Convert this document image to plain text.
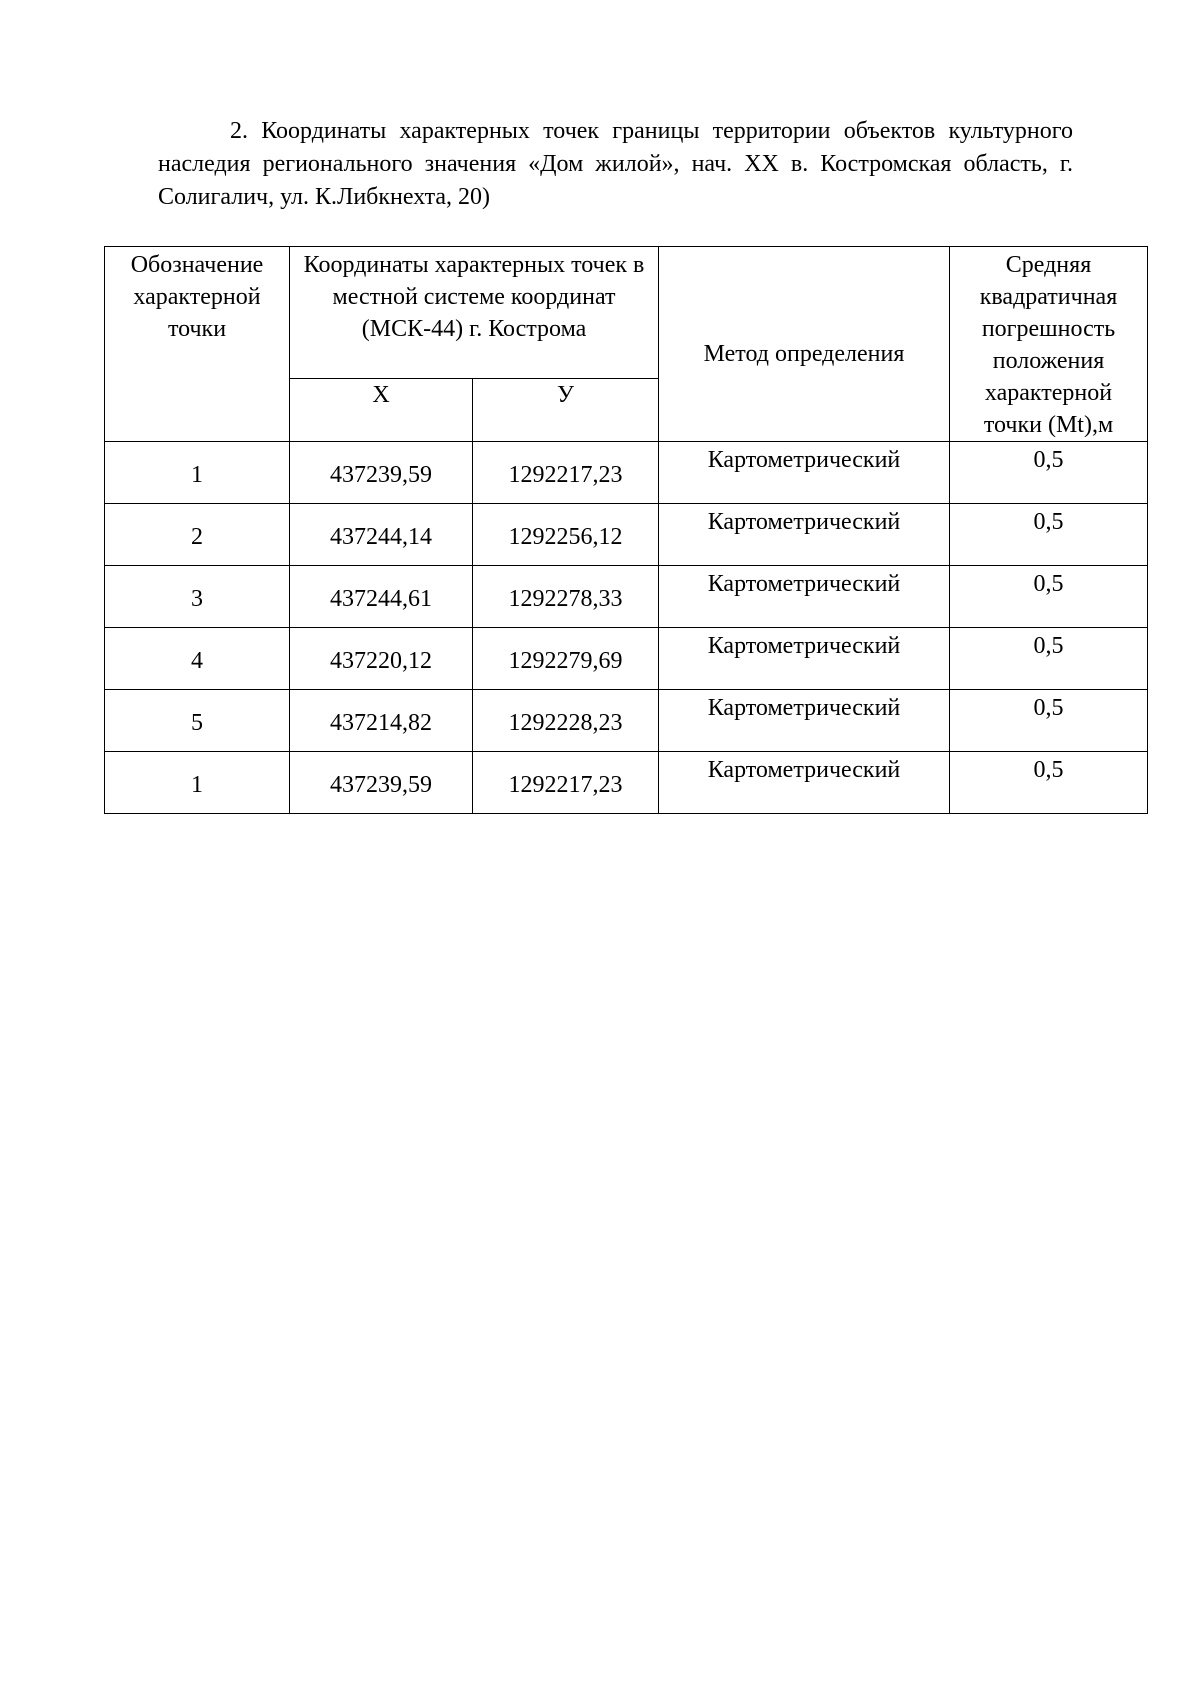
2. Координаты характерных точек границы территории объектов культурного наследия регионального значения «Дом жилой», нач. XX в. Костромская область, г. Солигалич, ул. К.Либкнехта, 20)

Обозначение характерной точки	Координаты характерных точек в местной системе координат (МСК-44) г. Кострома		Метод определения	Средняя квадратичная погрешность положения характерной точки (Mt),м
	Х	У		
1	437239,59	1292217,23	Картометрический	0,5
2	437244,14	1292256,12	Картометрический	0,5
3	437244,61	1292278,33	Картометрический	0,5
4	437220,12	1292279,69	Картометрический	0,5
5	437214,82	1292228,23	Картометрический	0,5
1	437239,59	1292217,23	Картометрический	0,5
